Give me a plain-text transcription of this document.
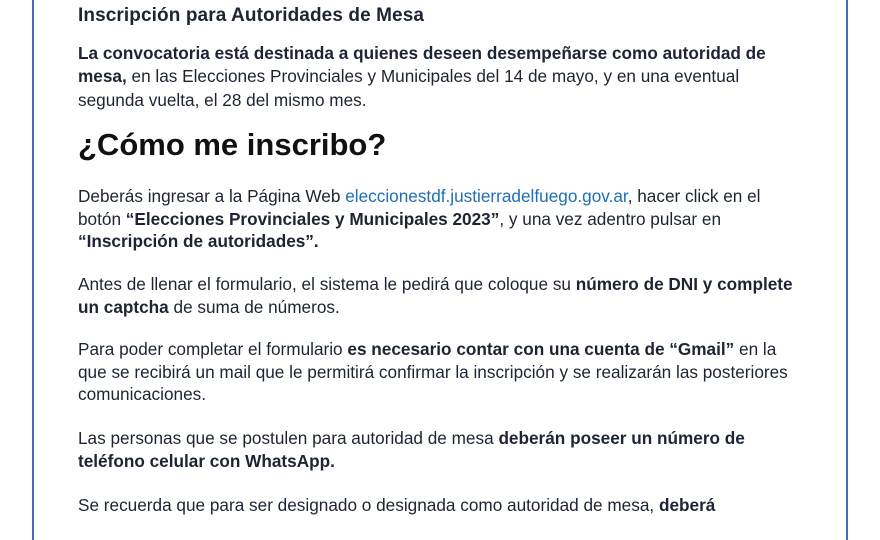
Inscripción para Autoridades de Mesa
La convocatoria está destinada a quienes deseen desempeñarse como autoridad de mesa, en las Elecciones Provinciales y Municipales del 14 de mayo, y en una eventual segunda vuelta, el 28 del mismo mes.
¿Cómo me inscribo?
Deberás ingresar a la Página Web eleccionestdf.justierradelfuego.gov.ar, hacer click en el botón “Elecciones Provinciales y Municipales 2023”, y una vez adentro pulsar en “Inscripción de autoridades”.
Antes de llenar el formulario, el sistema le pedirá que coloque su número de DNI y complete un captcha de suma de números.
Para poder completar el formulario es necesario contar con una cuenta de “Gmail” en la que se recibirá un mail que le permitirá confirmar la inscripción y se realizarán las posteriores comunicaciones.
Las personas que se postulen para autoridad de mesa deberán poseer un número de teléfono celular con WhatsApp.
Se recuerda que para ser designado o designada como autoridad de mesa, deberá
